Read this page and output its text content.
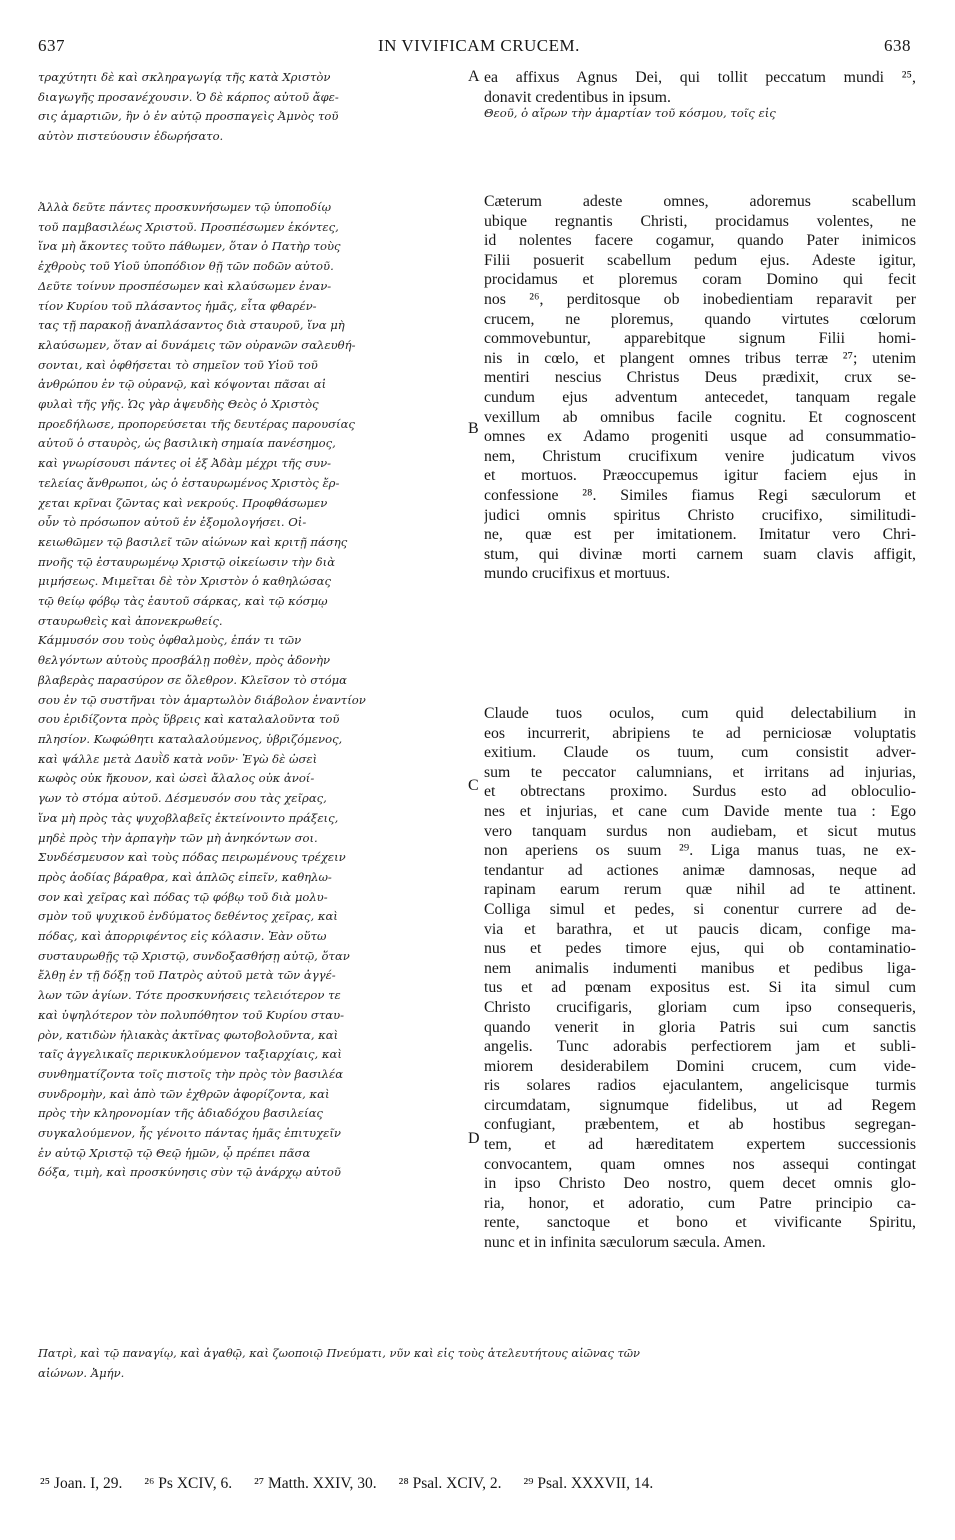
637	IN VIVIFICAM CRUCEM.	638
A
B
C
D
τραχύτητι δὲ καὶ σκληραγωγίᾳ τῆς κατὰ Χριστὸν
διαγωγῆς προσανέχουσιν. Ὁ δὲ κάρπος αὐτοῦ ἄφε-
σις ἁμαρτιῶν, ἣν ὁ ἐν αὐτῷ προσπαγεὶς Ἀμνὸς τοῦ
αὐτὸν πιστεύουσιν ἐδωρήσατο.
ea affixus Agnus Dei, qui tollit peccatum mundi ²⁵,
donavit credentibus in ipsum.
Θεοῦ, ὁ αἴρων τὴν ἁμαρτίαν τοῦ κόσμου, τοῖς εἰς
Ἀλλὰ δεῦτε πάντες προσκυνήσωμεν τῷ ὑποποδίῳ
τοῦ παμβασιλέως Χριστοῦ. Προσπέσωμεν ἑκόντες,
ἵνα μὴ ἄκοντες τοῦτο πάθωμεν, ὅταν ὁ Πατὴρ τοὺς
ἐχθροὺς τοῦ Υἱοῦ ὑποπόδιον θῇ τῶν ποδῶν αὐτοῦ.
Δεῦτε τοίνυν προσπέσωμεν καὶ κλαύσωμεν ἐναν-
τίον Κυρίου τοῦ πλάσαντος ἡμᾶς, εἶτα φθαρέν-
τας τῇ παρακοῇ ἀναπλάσαντος διὰ σταυροῦ, ἵνα μὴ
κλαύσωμεν, ὅταν αἱ δυνάμεις τῶν οὐρανῶν σαλευθή-
σονται, καὶ ὀφθήσεται τὸ σημεῖον τοῦ Υἱοῦ τοῦ
ἀνθρώπου ἐν τῷ οὐρανῷ, καὶ κόψονται πᾶσαι αἱ
φυλαὶ τῆς γῆς. Ὡς γὰρ ἀψευδὴς Θεὸς ὁ Χριστὸς
προεδήλωσε, προπορεύσεται τῆς δευτέρας παρουσίας
αὐτοῦ ὁ σταυρὸς, ὡς βασιλικὴ σημαία πανέσημος,
καὶ γνωρίσουσι πάντες οἱ ἐξ Ἀδὰμ μέχρι τῆς συν-
τελείας ἄνθρωποι, ὡς ὁ ἐσταυρωμένος Χριστὸς ἔρ-
χεται κρῖναι ζῶντας καὶ νεκρούς. Προφθάσωμεν
οὖν τὸ πρόσωπον αὐτοῦ ἐν ἐξομολογήσει. Οἰ-
κειωθῶμεν τῷ βασιλεῖ τῶν αἰώνων καὶ κριτῇ πάσης
πνοῆς τῷ ἐσταυρωμένῳ Χριστῷ οἰκείωσιν τὴν διὰ
μιμήσεως. Μιμεῖται δὲ τὸν Χριστὸν ὁ καθηλώσας
τῷ θείῳ φόβῳ τὰς ἑαυτοῦ σάρκας, καὶ τῷ κόσμῳ
σταυρωθεὶς καὶ ἀπονεκρωθείς.
Κάμμυσόν σου τοὺς ὀφθαλμοὺς, ἐπάν τι τῶν
θελγόντων αὐτοὺς προσβάλῃ ποθὲν, πρὸς ἀδονὴν
βλαβερὰς παρασύρον σε ὄλεθρον. Κλεῖσον τὸ στόμα
σου ἐν τῷ συστῆναι τὸν ἁμαρτωλὸν διάβολον ἐναντίον
σου ἐριδίζοντα πρὸς ὕβρεις καὶ καταλαλοῦντα τοῦ
πλησίον. Κωφώθητι καταλαλούμενος, ὑβριζόμενος,
καὶ ψάλλε μετὰ Δαυῒδ κατὰ νοῦν· Ἐγὼ δὲ ὡσεὶ
κωφὸς οὐκ ἤκουον, καὶ ὡσεὶ ἄλαλος οὐκ ἀνοί-
γων τὸ στόμα αὐτοῦ. Δέσμευσόν σου τὰς χεῖρας,
ἵνα μὴ πρὸς τὰς ψυχοβλαβεῖς ἐκτείνοιντο πράξεις,
μηδὲ πρὸς τὴν ἁρπαγὴν τῶν μὴ ἀνηκόντων σοι.
Συνδέσμευσον καὶ τοὺς πόδας πειρωμένους τρέχειν
πρὸς ἀοδίας βάραθρα, καὶ ἁπλῶς εἰπεῖν, καθηλω-
σον καὶ χεῖρας καὶ πόδας τῷ φόβῳ τοῦ διὰ μολυ-
σμὸν τοῦ ψυχικοῦ ἐνδύματος δεθέντος χεῖρας, καὶ
πόδας, καὶ ἀπορριφέντος εἰς κόλασιν. Ἐὰν οὕτω
συσταυρωθῇς τῷ Χριστῷ, συνδοξασθήσῃ αὐτῷ, ὅταν
ἔλθῃ ἐν τῇ δόξῃ τοῦ Πατρὸς αὐτοῦ μετὰ τῶν ἀγγέ-
λων τῶν ἁγίων. Τότε προσκυνήσεις τελειότερον τε
καὶ ὑψηλότερον τὸν πολυπόθητον τοῦ Κυρίου σταυ-
ρὸν, κατιδὼν ἡλιακὰς ἀκτῖνας φωτοβολοῦντα, καὶ
ταῖς ἀγγελικαῖς περικυκλούμενον ταξιαρχίαις, καὶ
συνθηματίζοντα τοῖς πιστοῖς τὴν πρὸς τὸν βασιλέα
συνδρομὴν, καὶ ἀπὸ τῶν ἐχθρῶν ἀφορίζοντα, καὶ
πρὸς τὴν κληρονομίαν τῆς ἀδιαδόχου βασιλείας
συγκαλούμενον, ἧς γένοιτο πάντας ἡμᾶς ἐπιτυχεῖν
ἐν αὐτῷ Χριστῷ τῷ Θεῷ ἡμῶν, ᾧ πρέπει πᾶσα
δόξα, τιμὴ, καὶ προσκύνησις σὺν τῷ ἀνάρχῳ αὐτοῦ
Πατρὶ, καὶ τῷ παναγίῳ, καὶ ἀγαθῷ, καὶ ζωοποιῷ Πνεύματι, νῦν καὶ εἰς τοὺς ἀτελευτήτους αἰῶνας τῶν
αἰώνων. Ἀμήν.
Cæterum adeste omnes, adoremus scabellum
ubique regnantis Christi, procidamus volentes, ne
id nolentes facere cogamur, quando Pater inimicos
Filii posuerit scabellum pedum ejus. Adeste igitur,
procidamus et ploremus coram Domino qui fecit
nos ²⁶, perditosque ob inobedientiam reparavit per
crucem, ne ploremus, quando virtutes cœlorum
commovebuntur, apparebitque signum Filii homi-
nis in cœlo, et plangent omnes tribus terræ ²⁷; utenim
mentiri nescius Christus Deus prædixit, crux se-
cundum ejus adventum antecedet, tanquam regale
vexillum ab omnibus facile cognitu. Et cognoscent
omnes ex Adamo progeniti usque ad consummatio-
nem, Christum crucifixum venire judicatum vivos
et mortuos. Præoccupemus igitur faciem ejus in
confessione ²⁸. Similes fiamus Regi sæculorum et
judici omnis spiritus Christo crucifixo, similitudi-
ne, quæ est per imitationem. Imitatur vero Chri-
stum, qui divinæ morti carnem suam clavis affigit,
mundo crucifixus et mortuus.
Claude tuos oculos, cum quid delectabilium in
eos incurrerit, abripiens te ad perniciosæ voluptatis
exitium. Claude os tuum, cum consistit adver-
sum te peccator calumnians, et irritans ad injurias,
et obtrectans proximo. Surdus esto ad obloculio-
nes et injurias, et cane cum Davide mente tua : Ego
vero tanquam surdus non audiebam, et sicut mutus
non aperiens os suum ²⁹. Liga manus tuas, ne ex-
tendantur ad actiones animæ damnosas, neque ad
rapinam earum rerum quæ nihil ad te attinent.
Colliga simul et pedes, si conentur currere ad de-
via et barathra, et ut paucis dicam, confige ma-
nus et pedes timore ejus, qui ob contaminatio-
nem animalis indumenti manibus et pedibus liga-
tus et ad pœnam expositus est. Si ita simul cum
Christo crucifigaris, gloriam cum ipso consequeris,
quando venerit in gloria Patris sui cum sanctis
angelis. Tunc adorabis perfectiorem jam et subli-
miorem desiderabilem Domini crucem, cum vide-
ris solares radios ejaculantem, angelicisque turmis
circumdatam, signumque fidelibus, ut ad Regem
confugiant, præbentem, et ab hostibus segregan-
tem, et ad hæreditatem expertem successionis
convocantem, quam omnes nos assequi contingat
in ipso Christo Deo nostro, quem decet omnis glo-
ria, honor, et adoratio, cum Patre principio ca-
rente, sanctoque et bono et vivificante Spiritu,
nunc et in infinita sæculorum sæcula. Amen.
²⁵ Joan. I, 29. ²⁶ Ps XCIV, 6. ²⁷ Matth. XXIV, 30. ²⁸ Psal. XCIV, 2. ²⁹ Psal. XXXVII, 14.
